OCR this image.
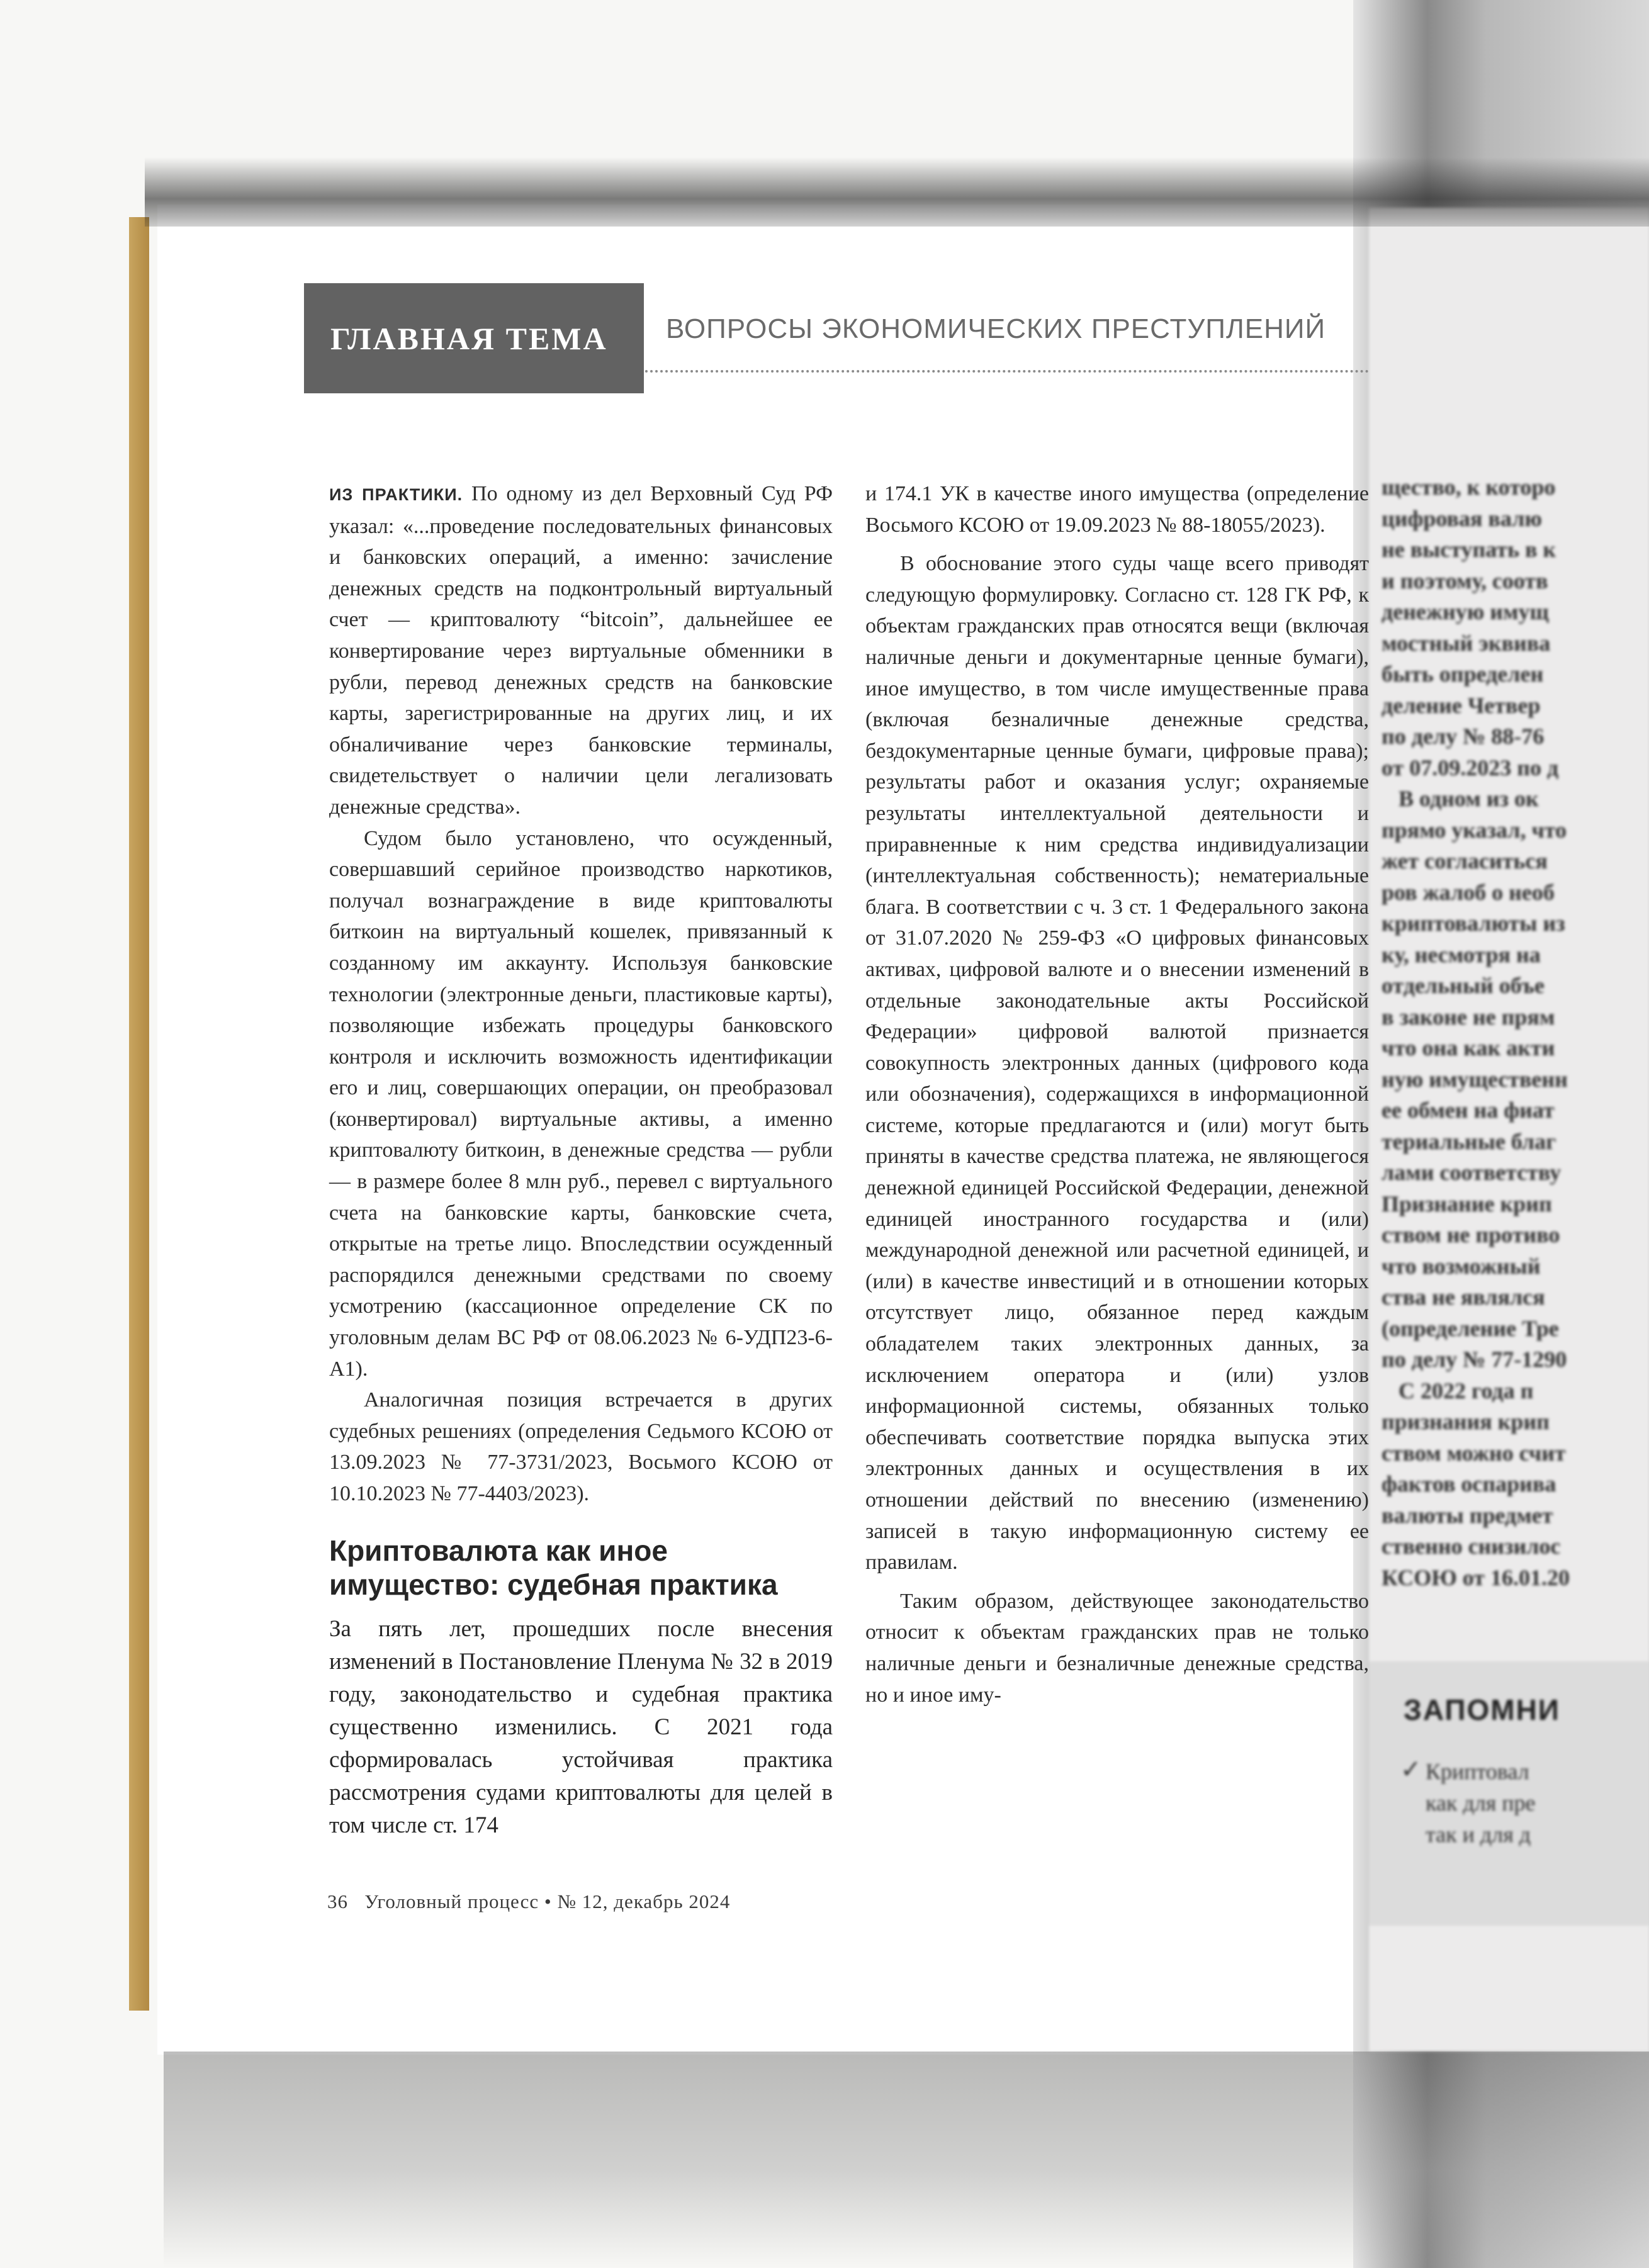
щество, к которо
цифровая валю
не выступать в к
и поэтому, соотв
денежную имущ
мостный эквива
быть определен
деление Четвер
по делу № 88-76
от 07.09.2023 по д
В одном из ок
прямо указал, что
жет согласиться
ров жалоб о необ
криптовалюты из
ку, несмотря на
отдельный объе
в законе не прям
что она как акти
ную имущественн
ее обмен на фиат
териальные благ
лами соответству
Признание крип
ством не противо
что возможный
ства не являлся
(определение Тре
по делу № 77-1290
С 2022 года п
признания крип
ством можно счит
фактов оспарива
валюты предмет
ственно снизилос
КСОЮ от 16.01.20
ЗАПОМНИ
✓ Криптовал
как для пре
так и для д
ГЛАВНАЯ ТЕМА ВОПРОСЫ ЭКОНОМИЧЕСКИХ ПРЕСТУПЛЕНИЙ

ИЗ ПРАКТИКИ. По одному из дел Верховный Суд РФ указал: «...проведение последовательных финансовых и банковских операций, а именно: зачисление денежных средств на подконтрольный виртуальный счет — криптовалюту “bitcoin”, дальнейшее ее конвертирование через виртуальные обменники в рубли, перевод денежных средств на банковские карты, зарегистрированные на других лиц, и их обналичивание через банковские терминалы, свидетельствует о наличии цели легализовать денежные средства».

Судом было установлено, что осужденный, совершавший серийное производство наркотиков, получал вознаграждение в виде криптовалюты биткоин на виртуальный кошелек, привязанный к созданному им аккаунту. Используя банковские технологии (электронные деньги, пластиковые карты), позволяющие избежать процедуры банковского контроля и исключить возможность идентификации его и лиц, совершающих операции, он преобразовал (конвертировал) виртуальные активы, а именно криптовалюту биткоин, в денежные средства — рубли — в размере более 8 млн руб., перевел с виртуального счета на банковские карты, банковские счета, открытые на третье лицо. Впоследствии осужденный распорядился денежными средствами по своему усмотрению (кассационное определение СК по уголовным делам ВС РФ от 08.06.2023 № 6-УДП23-6-А1).

Аналогичная позиция встречается в других судебных решениях (определения Седьмого КСОЮ от 13.09.2023 № 77-3731/2023, Восьмого КСОЮ от 10.10.2023 № 77-4403/2023).

Криптовалюта как иное имущество: судебная практика
За пять лет, прошедших после внесения изменений в Постановление Пленума № 32 в 2019 году, законодательство и судебная практика существенно изменились. С 2021 года сформировалась устойчивая практика рассмотрения судами криптовалюты для целей в том числе ст. 174

и 174.1 УК в качестве иного имущества (определение Восьмого КСОЮ от 19.09.2023 № 88-18055/2023).

В обоснование этого суды чаще всего приводят следующую формулировку. Согласно ст. 128 ГК РФ, к объектам гражданских прав относятся вещи (включая наличные деньги и документарные ценные бумаги), иное имущество, в том числе имущественные права (включая безналичные денежные средства, бездокументарные ценные бумаги, цифровые права); результаты работ и оказания услуг; охраняемые результаты интеллектуальной деятельности и приравненные к ним средства индивидуализации (интеллектуальная собственность); нематериальные блага. В соответствии с ч. 3 ст. 1 Федерального закона от 31.07.2020 № 259-ФЗ «О цифровых финансовых активах, цифровой валюте и о внесении изменений в отдельные законодательные акты Российской Федерации» цифровой валютой признается совокупность электронных данных (цифрового кода или обозначения), содержащихся в информационной системе, которые предлагаются и (или) могут быть приняты в качестве средства платежа, не являющегося денежной единицей Российской Федерации, денежной единицей иностранного государства и (или) международной денежной или расчетной единицей, и (или) в качестве инвестиций и в отношении которых отсутствует лицо, обязанное перед каждым обладателем таких электронных данных, за исключением оператора и (или) узлов информационной системы, обязанных только обеспечивать соответствие порядка выпуска этих электронных данных и осуществления в их отношении действий по внесению (изменению) записей в такую информационную систему ее правилам.

Таким образом, действующее законодательство относит к объектам гражданских прав не только наличные деньги и безналичные денежные средства, но и иное иму-

36   Уголовный процесс • № 12, декабрь 2024
